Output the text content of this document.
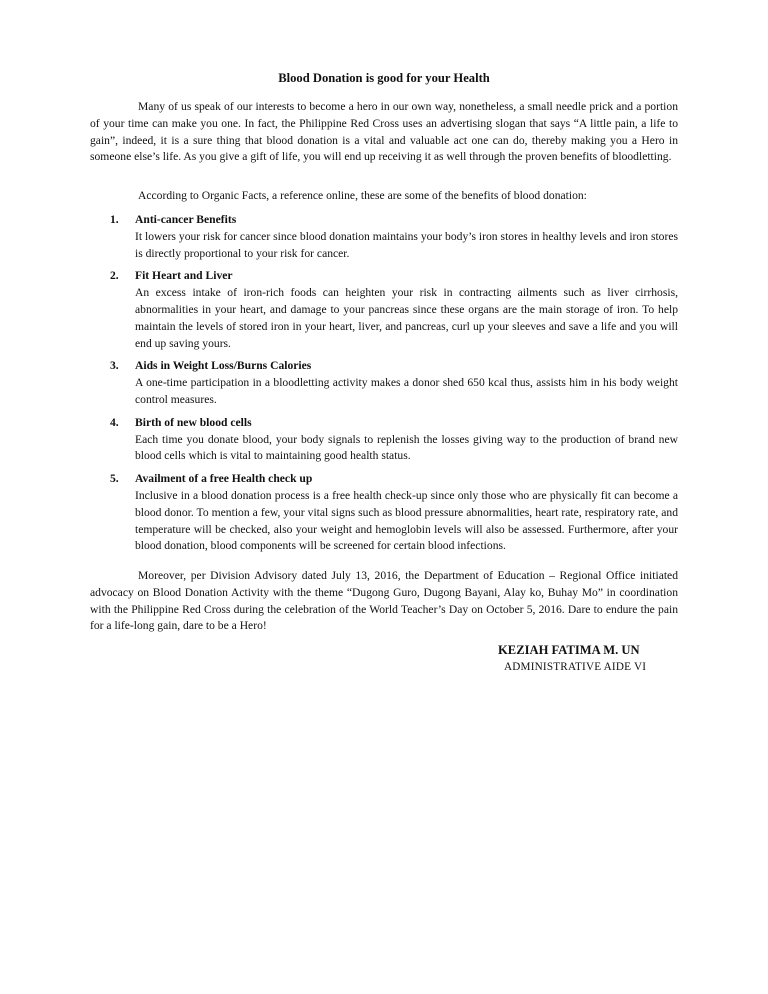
Blood Donation is good for your Health

Many of us speak of our interests to become a hero in our own way, nonetheless, a small needle prick and a portion of your time can make you one. In fact, the Philippine Red Cross uses an advertising slogan that says “A little pain, a life to gain”, indeed, it is a sure thing that blood donation is a vital and valuable act one can do, thereby making you a Hero in someone else’s life. As you give a gift of life, you will end up receiving it as well through the proven benefits of bloodletting.

According to Organic Facts, a reference online, these are some of the benefits of blood donation:

1. Anti-cancer Benefits
It lowers your risk for cancer since blood donation maintains your body’s iron stores in healthy levels and iron stores is directly proportional to your risk for cancer.
2. Fit Heart and Liver
An excess intake of iron-rich foods can heighten your risk in contracting ailments such as liver cirrhosis, abnormalities in your heart, and damage to your pancreas since these organs are the main storage of iron. To help maintain the levels of stored iron in your heart, liver, and pancreas, curl up your sleeves and save a life and you will end up saving yours.
3. Aids in Weight Loss/Burns Calories
A one-time participation in a bloodletting activity makes a donor shed 650 kcal thus, assists him in his body weight control measures.
4. Birth of new blood cells
Each time you donate blood, your body signals to replenish the losses giving way to the production of brand new blood cells which is vital to maintaining good health status.
5. Availment of a free Health check up
Inclusive in a blood donation process is a free health check-up since only those who are physically fit can become a blood donor. To mention a few, your vital signs such as blood pressure abnormalities, heart rate, respiratory rate, and temperature will be checked, also your weight and hemoglobin levels will also be assessed. Furthermore, after your blood donation, blood components will be screened for certain blood infections.

Moreover, per Division Advisory dated July 13, 2016, the Department of Education – Regional Office initiated advocacy on Blood Donation Activity with the theme “Dugong Guro, Dugong Bayani, Alay ko, Buhay Mo” in coordination with the Philippine Red Cross during the celebration of the World Teacher’s Day on October 5, 2016. Dare to endure the pain for a life-long gain, dare to be a Hero!

KEZIAH FATIMA M. UN
ADMINISTRATIVE AIDE VI
